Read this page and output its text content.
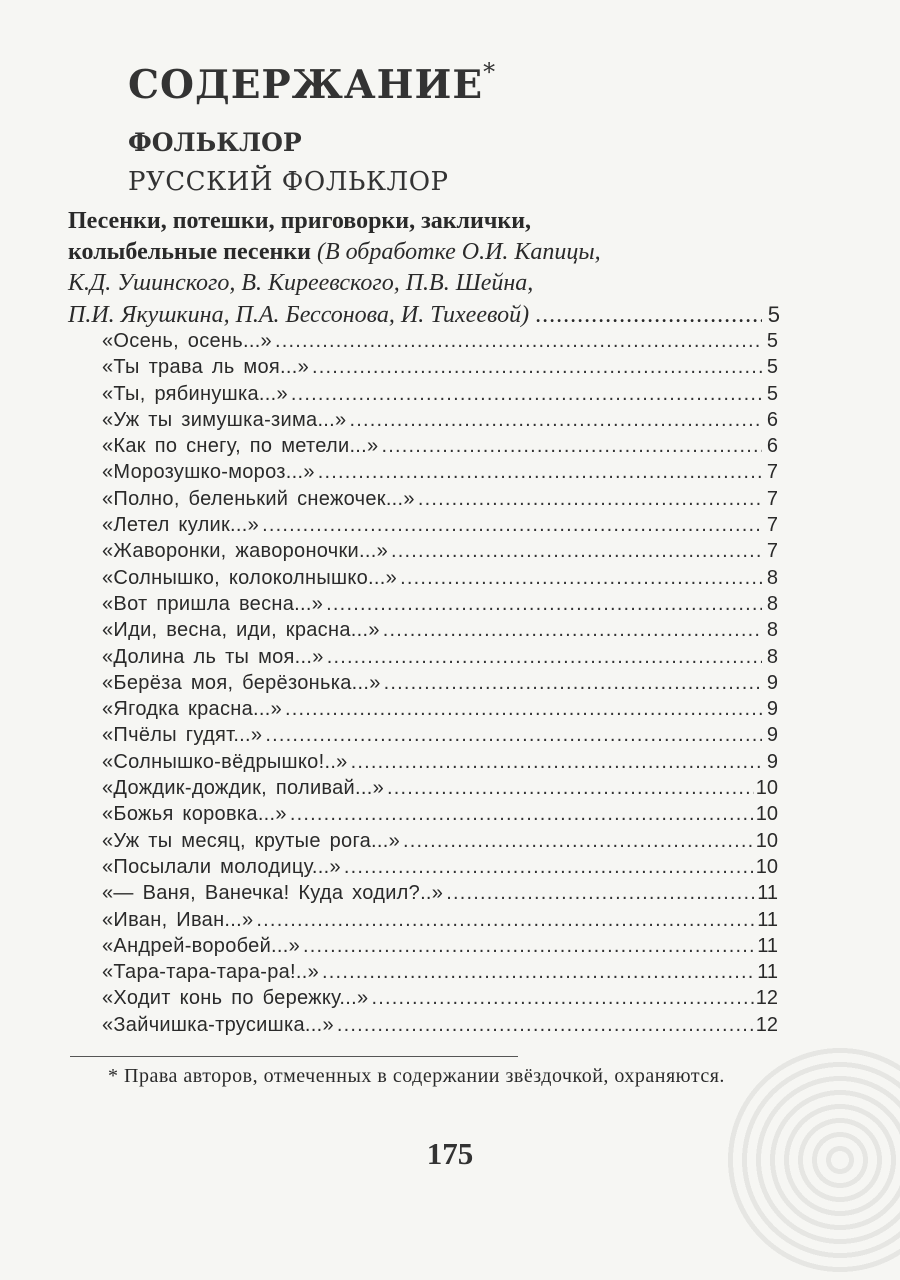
СОДЕРЖАНИЕ*
ФОЛЬКЛОР
РУССКИЙ ФОЛЬКЛОР
Песенки, потешки, приговорки, заклички,
колыбельные песенки (В обработке О.И. Капицы,
К.Д. Ушинского, В. Киреевского, П.В. Шейна,
П.И. Якушкина, П.А. Бессонова, И. Тихеевой) .....	5
«Осень, осень...» .....	5
«Ты трава ль моя...» .....	5
«Ты, рябинушка...» .....	5
«Уж ты зимушка-зима...» .....	6
«Как по снегу, по метели...» .....	6
«Морозушко-мороз...» .....	7
«Полно, беленький снежочек...» .....	7
«Летел кулик...» .....	7
«Жаворонки, жавороночки...» .....	7
«Солнышко, колоколнышко...» .....	8
«Вот пришла весна...» .....	8
«Иди, весна, иди, красна...» .....	8
«Долина ль ты моя...» .....	8
«Берёза моя, берёзонька...» .....	9
«Ягодка красна...» .....	9
«Пчёлы гудят...» .....	9
«Солнышко-вёдрышко!..» .....	9
«Дождик-дождик, поливай...» .....	10
«Божья коровка...» .....	10
«Уж ты месяц, крутые рога...» .....	10
«Посылали молодицу...» .....	10
«— Ваня, Ванечка! Куда ходил?..» .....	11
«Иван, Иван...» .....	11
«Андрей-воробей...» .....	11
«Тара-тара-тара-ра!..» .....	11
«Ходит конь по бережку...» .....	12
«Зайчишка-трусишка...» .....	12
* Права авторов, отмеченных в содержании звёздочкой, охраняются.
175
